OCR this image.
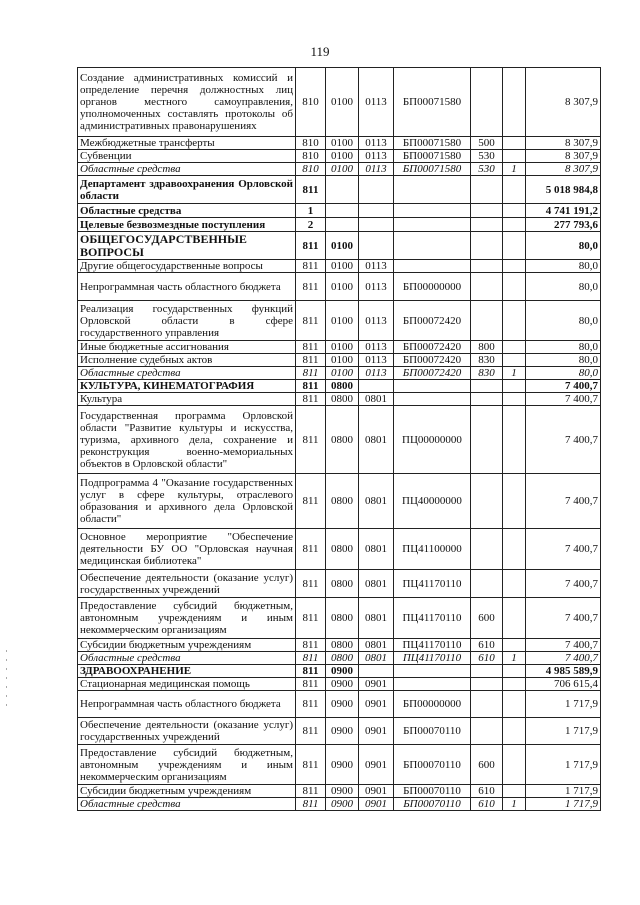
119
Создание административных комиссий и определение перечня должностных лиц органов местного самоуправления, уполномоченных составлять протоколы об административных правонарушениях	810	0100	0113	БП00071580			8 307,9
Межбюджетные трансферты	810	0100	0113	БП00071580	500		8 307,9
Субвенции	810	0100	0113	БП00071580	530		8 307,9
Областные средства	810	0100	0113	БП00071580	530	1	8 307,9
Департамент здравоохранения Орловской области	811						5 018 984,8
Областные средства	1						4 741 191,2
Целевые безвозмездные поступления	2						277 793,6
ОБЩЕГОСУДАРСТВЕННЫЕ ВОПРОСЫ	811	0100					80,0
Другие общегосударственные вопросы	811	0100	0113				80,0
Непрограммная часть областного бюджета	811	0100	0113	БП00000000			80,0
Реализация государственных функций Орловской области в сфере государственного управления	811	0100	0113	БП00072420			80,0
Иные бюджетные ассигнования	811	0100	0113	БП00072420	800		80,0
Исполнение судебных актов	811	0100	0113	БП00072420	830		80,0
Областные средства	811	0100	0113	БП00072420	830	1	80,0
КУЛЬТУРА, КИНЕМАТОГРАФИЯ	811	0800					7 400,7
Культура	811	0800	0801				7 400,7
Государственная программа Орловской области "Развитие культуры и искусства, туризма, архивного дела, сохранение и реконструкция военно-мемориальных объектов в Орловской области"	811	0800	0801	ПЦ00000000			7 400,7
Подпрограмма 4 "Оказание государственных услуг в сфере культуры, отраслевого образования и архивного дела Орловской области"	811	0800	0801	ПЦ40000000			7 400,7
Основное мероприятие "Обеспечение деятельности БУ ОО "Орловская научная медицинская библиотека"	811	0800	0801	ПЦ41100000			7 400,7
Обеспечение деятельности (оказание услуг) государственных учреждений	811	0800	0801	ПЦ41170110			7 400,7
Предоставление субсидий бюджетным, автономным учреждениям и иным некоммерческим организациям	811	0800	0801	ПЦ41170110	600		7 400,7
Субсидии бюджетным учреждениям	811	0800	0801	ПЦ41170110	610		7 400,7
Областные средства	811	0800	0801	ПЦ41170110	610	1	7 400,7
ЗДРАВООХРАНЕНИЕ	811	0900					4 985 589,9
Стационарная медицинская помощь	811	0900	0901				706 615,4
Непрограммная часть областного бюджета	811	0900	0901	БП00000000			1 717,9
Обеспечение деятельности (оказание услуг) государственных учреждений	811	0900	0901	БП00070110			1 717,9
Предоставление субсидий бюджетным, автономным учреждениям и иным некоммерческим организациям	811	0900	0901	БП00070110	600		1 717,9
Субсидии бюджетным учреждениям	811	0900	0901	БП00070110	610		1 717,9
Областные средства	811	0900	0901	БП00070110	610	1	1 717,9
